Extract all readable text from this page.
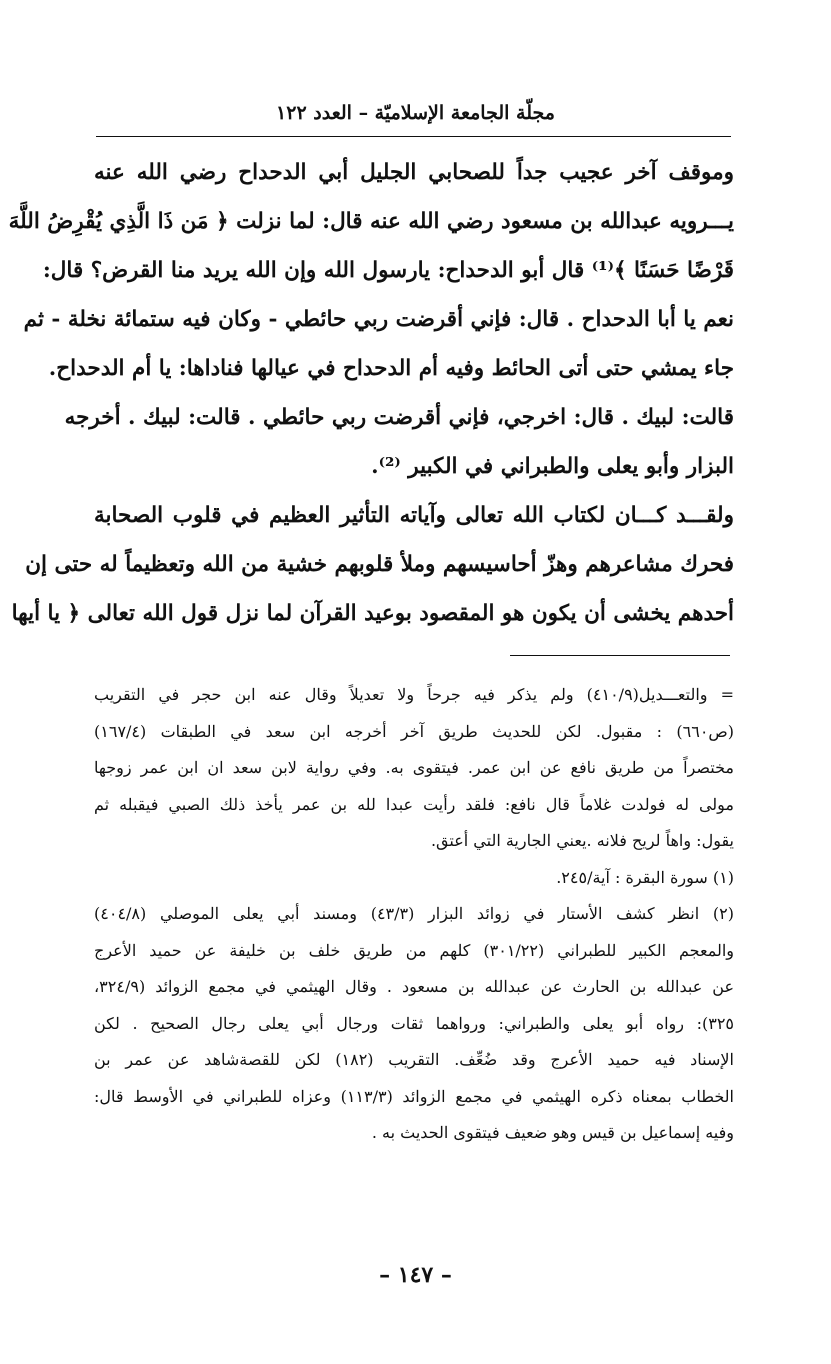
مجلّة الجامعة الإسلاميّة – العدد ١٢٢
وموقف آخر عجيب جداً للصحابي الجليل أبي الدحداح رضي الله عنه
يـــرويه عبدالله بن مسعود رضي الله عنه قال: لما نزلت ﴿ مَن ذَا الَّذِي يُقْرِضُ اللَّهَ
قَرْضًا حَسَنًا ﴾⁽¹⁾ قال أبو الدحداح: يارسول الله وإن الله يريد منا القرض؟ قال:
نعم يا أبا الدحداح . قال: فإني أقرضت ربي حائطي - وكان فيه ستمائة نخلة - ثم
جاء يمشي حتى أتى الحائط وفيه أم الدحداح في عيالها فناداها: يا أم الدحداح.
قالت: لبيك . قال: اخرجي، فإني أقرضت ربي حائطي . قالت: لبيك . أخرجه
البزار وأبو يعلى والطبراني في الكبير ⁽²⁾.
ولقـــد كـــان لكتاب الله تعالى وآياته التأثير العظيم في قلوب الصحابة
فحرك مشاعرهم وهزّ أحاسيسهم وملأ قلوبهم خشية من الله وتعظيماً له حتى إن
أحدهم يخشى أن يكون هو المقصود بوعيد القرآن لما نزل قول الله تعالى ﴿ يا أيها
= والتعـــديل(٤١٠/٩) ولم يذكر فيه جرحاً ولا تعديلاً وقال عنه ابن حجر في التقريب
(ص٦٦٠) : مقبول. لكن للحديث طريق آخر أخرجه ابن سعد في الطبقات (١٦٧/٤)
مختصراً من طريق نافع عن ابن عمر. فيتقوى به. وفي رواية لابن سعد ان ابن عمر زوجها
مولى له فولدت غلاماً قال نافع: فلقد رأيت عبدا لله بن عمر يأخذ ذلك الصبي فيقبله ثم
يقول: واهاً لريح فلانه .يعني الجارية التي أعتق.
(١) سورة البقرة : آية/٢٤٥.
(٢) انظر كشف الأستار في زوائد البزار (٤٣/٣) ومسند أبي يعلى الموصلي (٤٠٤/٨)
والمعجم الكبير للطبراني (٣٠١/٢٢) كلهم من طريق خلف بن خليفة عن حميد الأعرج
عن عبدالله بن الحارث عن عبدالله بن مسعود . وقال الهيثمي في مجمع الزوائد (٣٢٤/٩،
٣٢٥): رواه أبو يعلى والطبراني: ورواهما ثقات ورجال أبي يعلى رجال الصحيح . لكن
الإسناد فيه حميد الأعرج وقد ضُعِّف. التقريب (١٨٢) لكن للقصةشاهد عن عمر بن
الخطاب بمعناه ذكره الهيثمي في مجمع الزوائد (١١٣/٣) وعزاه للطبراني في الأوسط قال:
وفيه إسماعيل بن قيس وهو ضعيف فيتقوى الحديث به .
– ١٤٧ –
